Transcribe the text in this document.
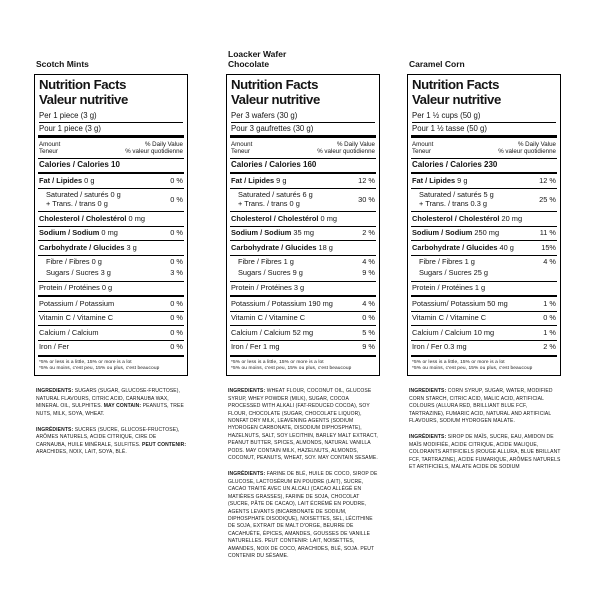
Scotch Mints
Nutrition Facts
Valeur nutritive
Per 1 piece (3 g)
Pour 1 piece (3 g)
Amount
Teneur
% Daily Value
% valeur quotidienne
Calories / Calories 10
Fat / Lipides 0 g	0 %
Saturated / saturés 0 g
+ Trans. / trans 0 g	0 %
Cholesterol / Cholestérol 0 mg
Sodium / Sodium 0 mg	0 %
Carbohydrate / Glucides 3 g
Fibre / Fibres 0 g	0 %
Sugars / Sucres 3 g	3 %
Protein / Protéines 0 g
Potassium / Potassium	0 %
Vitamin C / Vitamine C	0 %
Calcium / Calcium	0 %
Iron / Fer	0 %
*5% or less is a little, 15% or more is a lot
*5% ou moins, c'est peu, 15% ou plus, c'est beaucoup

INGREDIENTS: SUGARS (SUGAR, GLUCOSE-FRUCTOSE), NATURAL FLAVOURS, CITRIC ACID, CARNAUBA WAX, MINERAL OIL, SULPHITES. MAY CONTAIN: PEANUTS, TREE NUTS, MILK, SOYA, WHEAT.

INGRÉDIENTS: SUCRES (SUCRE, GLUCOSE-FRUCTOSE), ARÔMES NATURELS, ACIDE CITRIQUE, CIRE DE CARNAUBA, HUILE MINÉRALE, SULFITES. PEUT CONTENIR: ARACHIDES, NOIX, LAIT, SOYA, BLÉ.

Loacker Wafer
Chocolate
Nutrition Facts
Valeur nutritive
Per 3 wafers (30 g)
Pour 3 gaufrettes (30 g)
Amount
Teneur
% Daily Value
% valeur quotidienne
Calories / Calories 160
Fat / Lipides 9 g	12 %
Saturated / saturés 6 g
+ Trans. / trans 0 g	30 %
Cholesterol / Cholestérol 0 mg
Sodium / Sodium 35 mg	2 %
Carbohydrate / Glucides 18 g
Fibre / Fibres 1 g	4 %
Sugars / Sucres 9 g	9 %
Protein / Protéines 3 g
Potassium / Potassium 190 mg	4 %
Vitamin C / Vitamine C	0 %
Calcium / Calcium 52 mg	5 %
Iron / Fer 1 mg	9 %
*5% or less is a little, 15% or more is a lot
*5% ou moins, c'est peu, 15% ou plus, c'est beaucoup

INGREDIENTS: WHEAT FLOUR, COCONUT OIL, GLUCOSE SYRUP, WHEY POWDER (MILK), SUGAR, COCOA PROCESSED WITH ALKALI (FAT-REDUCED COCOA), SOY FLOUR, CHOCOLATE (SUGAR, CHOCOLATE LIQUOR), NONFAT DRY MILK, LEAVENING AGENTS (SODIUM HYDROGEN CARBONATE, DISODIUM DIPHOSPHATE), HAZELNUTS, SALT, SOY LECITHIN, BARLEY MALT EXTRACT, PEANUT BUTTER, SPICES, ALMONDS, NATURAL VANILLA PODS. MAY CONTAIN MILK, HAZELNUTS, ALMONDS, COCONUT, PEANUTS, WHEAT, SOY. MAY CONTAIN SESAME.

INGRÉDIENTS: FARINE DE BLÉ, HUILE DE COCO, SIROP DE GLUCOSE, LACTOSÉRUM EN POUDRE (LAIT), SUCRE, CACAO TRAITÉ AVEC UN ALCALI (CACAO ALLÉGÉ EN MATIÈRES GRASSES), FARINE DE SOJA, CHOCOLAT (SUCRE, PÂTE DE CACAO), LAIT ÉCRÉMÉ EN POUDRE, AGENTS LEVANTS (BICARBONATE DE SODIUM, DIPHOSPHATE DISODIQUE), NOISETTES, SEL, LÉCITHINE DE SOJA, EXTRAIT DE MALT D'ORGE, BEURRE DE CACAHUÈTE, ÉPICES, AMANDES, GOUSSES DE VANILLE NATURELLES. PEUT CONTENIR: LAIT, NOISETTES, AMANDES, NOIX DE COCO, ARACHIDES, BLÉ, SOJA. PEUT CONTENIR DU SÉSAME.

Caramel Corn
Nutrition Facts
Valeur nutritive
Per 1 ½ cups (50 g)
Pour 1 ½ tasse (50 g)
Amount
Teneur
% Daily Value
% valeur quotidienne
Calories / Calories 230
Fat / Lipides 9 g	12 %
Saturated / saturés 5 g
+ Trans. / trans 0.3 g	25 %
Cholesterol / Cholestérol 20 mg
Sodium / Sodium 250 mg	11 %
Carbohydrate / Glucides 40 g	15%
Fibre / Fibres 1 g	4 %
Sugars / Sucres 25 g
Protein / Protéines 1 g
Potassium/ Potassium 50 mg	1 %
Vitamin C / Vitamine C	0 %
Calcium / Calcium 10 mg	1 %
Iron / Fer 0.3 mg	2 %
*5% or less is a little, 15% or more is a lot
*5% ou moins, c'est peu, 15% ou plus, c'est beaucoup

INGREDIENTS: CORN SYRUP, SUGAR, WATER, MODIFIED CORN STARCH, CITRIC ACID, MALIC ACID, ARTIFICIAL COLOURS (ALLURA RED, BRILLIANT BLUE FCF, TARTRAZINE), FUMARIC ACID, NATURAL AND ARTIFICIAL FLAVOURS, SODIUM HYDROGEN MALATE.

INGRÉDIENTS: SIROP DE MAÏS, SUCRE, EAU, AMIDON DE MAÏS MODIFIÉE, ACIDE CITRIQUE, ACIDE MALIQUE, COLORANTS ARTIFICIELS (ROUGE ALLURA, BLUE BRILLANT FCF, TARTRAZINE), ACIDE FUMARIQUE, ARÔMES NATURELS ET ARTIFICIELS, MALATE ACIDE DE SODIUM
